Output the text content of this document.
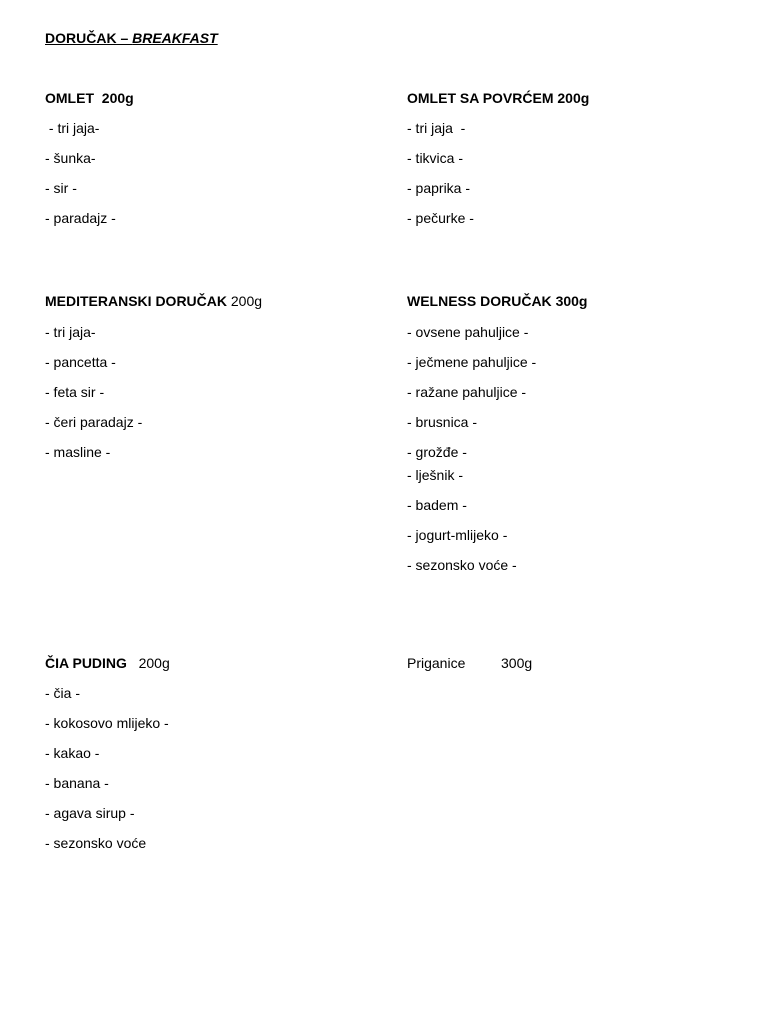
DORUČAK – BREAKFAST
OMLET 200g
- tri jaja-
- šunka-
- sir -
- paradajz -
OMLET SA POVRĆEM 200g
- tri jaja  -
- tikvica -
- paprika -
- pečurke -
MEDITERANSKI DORUČAK 200g
- tri jaja-
- pancetta -
- feta sir -
- čeri paradajz -
- masline -
WELNESS DORUČAK 300g
- ovsene pahuljice -
- ječmene pahuljice -
- ražane pahuljice -
- brusnica -
- grožđe -
- lješnik -
- badem -
- jogurt-mlijeko -
- sezonsko voće -
ČIA PUDING 200g
- čia -
- kokosovo mlijeko -
- kakao -
- banana -
- agava sirup -
- sezonsko voće
Priganice	300g
